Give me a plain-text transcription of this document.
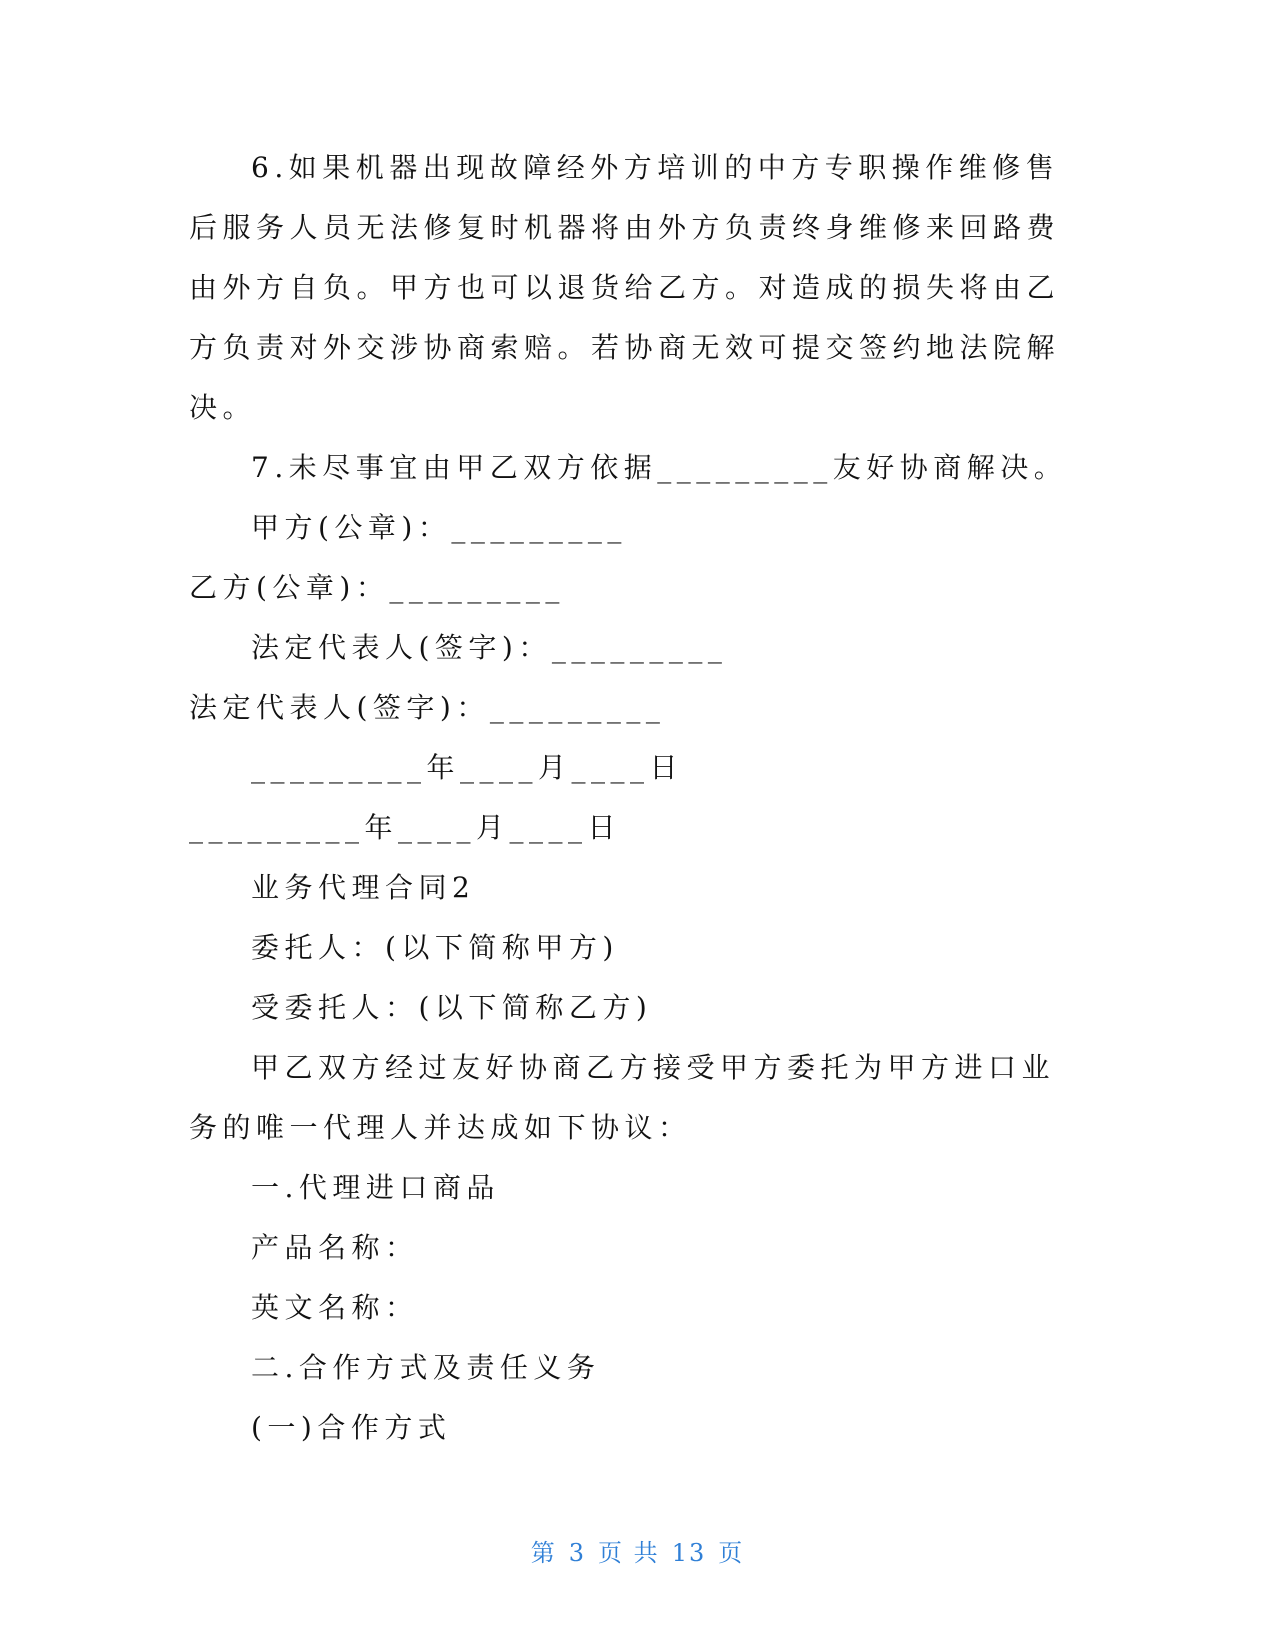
6.如果机器出现故障经外方培训的中方专职操作维修售后服务人员无法修复时机器将由外方负责终身维修来回路费由外方自负。甲方也可以退货给乙方。对造成的损失将由乙方负责对外交涉协商索赔。若协商无效可提交签约地法院解决。

7.未尽事宜由甲乙双方依据_________友好协商解决。

甲方(公章)：_________

乙方(公章)：_________

法定代表人(签字)：_________

法定代表人(签字)：_________

_________年____月____日

_________年____月____日

业务代理合同2

委托人：(以下简称甲方)

受委托人：(以下简称乙方)

甲乙双方经过友好协商乙方接受甲方委托为甲方进口业务的唯一代理人并达成如下协议：

一.代理进口商品

产品名称：

英文名称：

二.合作方式及责任义务

(一)合作方式

第 3 页 共 13 页
